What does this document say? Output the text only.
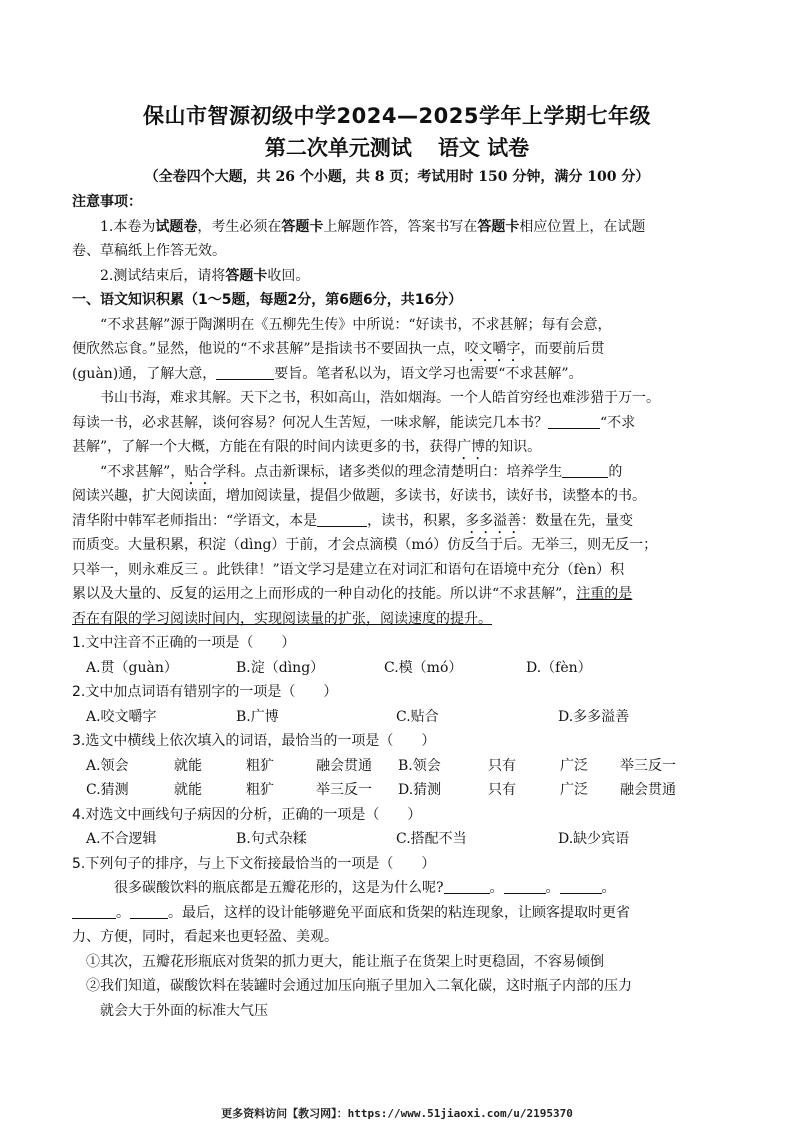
保山市智源初级中学2024—2025学年上学期七年级
第二次单元测试 语文 试卷
（全卷四个大题，共 26 个小题，共 8 页；考试用时 150 分钟，满分 100 分）
注意事项：
1.本卷为试题卷，考生必须在答题卡上解题作答，答案书写在答题卡相应位置上，在试题
卷、草稿纸上作答无效。
2.测试结束后，请将答题卡收回。
一、语文知识积累（1～5题，每题2分，第6题6分，共16分）
“不求甚解”源于陶渊明在《五柳先生传》中所说：“好读书，不求甚解；每有会意，
便欣然忘食。”显然，他说的“不求甚解”是指读书不要固执一点，咬文嚼字，而要前后贯
(guàn)通，了解大意，	要旨。笔者私以为，语文学习也需要“不求甚解”。
书山书海，难求其解。天下之书，积如高山，浩如烟海。一个人皓首穷经也难涉猎于万一。
每读一书，必求甚解，谈何容易？何况人生苦短，一味求解，能读完几本书？	“不求
甚解”，了解一个大概，方能在有限的时间内读更多的书，获得广博的知识。
“不求甚解”，贴合学科。点击新课标，诸多类似的理念清楚明白：培养学生	的
阅读兴趣，扩大阅读面，增加阅读量，提倡少做题，多读书，好读书，读好书，读整本的书。
清华附中韩军老师指出：“学语文，本是	，读书，积累，多多溢善：数量在先，量变
而质变。大量积累，积淀（dìng）于前，才会点滴模（mó）仿反刍于后。无举三，则无反一；
只举一，则永难反三 。此铁律！”语文学习是建立在对词汇和语句在语境中充分（fèn）积
累以及大量的、反复的运用之上而形成的一种自动化的技能。所以讲“不求甚解”，注重的是
否在有限的学习阅读时间内，实现阅读量的扩张，阅读速度的提升。
1.文中注音不正确的一项是（　　）
A.贯（guàn）	B.淀（dìng）	C.模（mó）	D.（fèn）
2.文中加点词语有错别字的一项是（　　）
A.咬文嚼字	B.广博	C.贴合	D.多多溢善
3.选文中横线上依次填入的词语，最恰当的一项是（　　）
A.领会	就能	粗犷	融会贯通 B.领会	只有	广泛 举三反一
C.猜测	就能	粗犷	举三反一 D.猜测	只有	广泛 融会贯通
4.对选文中画线句子病因的分析，正确的一项是（　　）
A.不合逻辑	B.句式杂糅	C.搭配不当	D.缺少宾语
5.下列句子的排序，与上下文衔接最恰当的一项是（　　）
很多碳酸饮料的瓶底都是五瓣花形的，这是为什么呢?	。	。	。
。	。最后，这样的设计能够避免平面底和货架的粘连现象，让顾客提取时更省
力、方便，同时，看起来也更轻盈、美观。
①其次，五瓣花形瓶底对货架的抓力更大，能让瓶子在货架上时更稳固，不容易倾倒
②我们知道，碳酸饮料在装罐时会通过加压向瓶子里加入二氧化碳，这时瓶子内部的压力
就会大于外面的标准大气压
更多资料访问【教习网】：https://www.51jiaoxi.com/u/2195370
